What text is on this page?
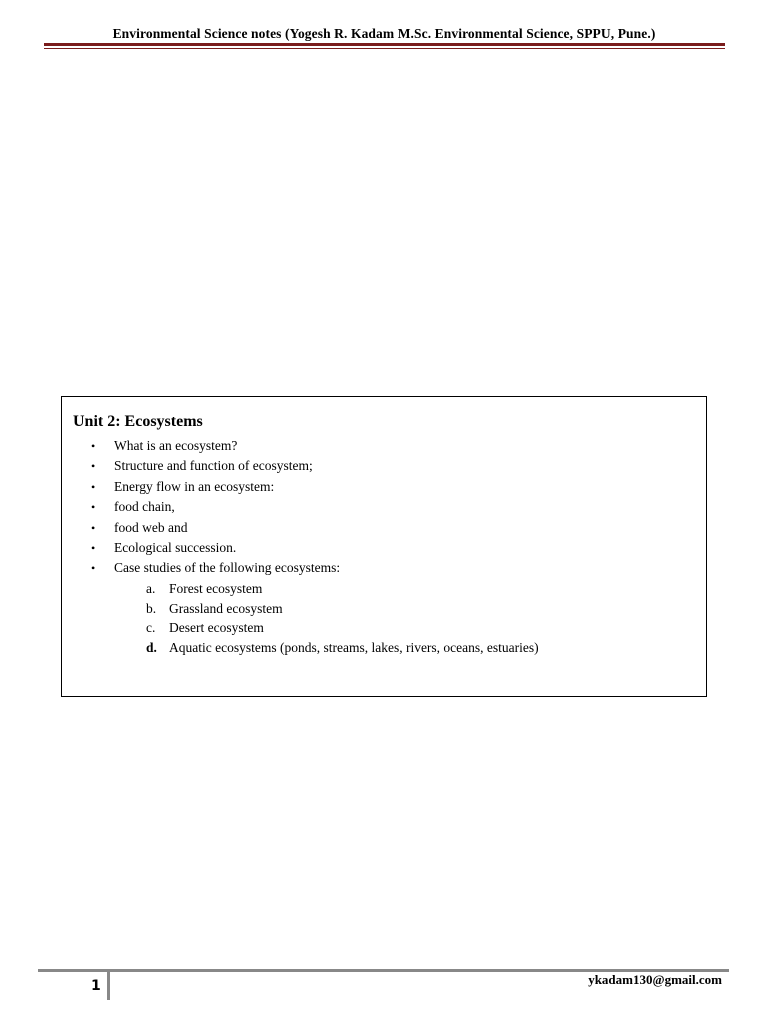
Environmental Science notes (Yogesh R. Kadam M.Sc. Environmental Science, SPPU, Pune.)
Unit 2: Ecosystems
• What is an ecosystem?
• Structure and function of ecosystem;
• Energy flow in an ecosystem:
• food chain,
• food web and
• Ecological succession.
• Case studies of the following ecosystems:
a. Forest ecosystem
b. Grassland ecosystem
c. Desert ecosystem
d. Aquatic ecosystems (ponds, streams, lakes, rivers, oceans, estuaries)
1	ykadam130@gmail.com
